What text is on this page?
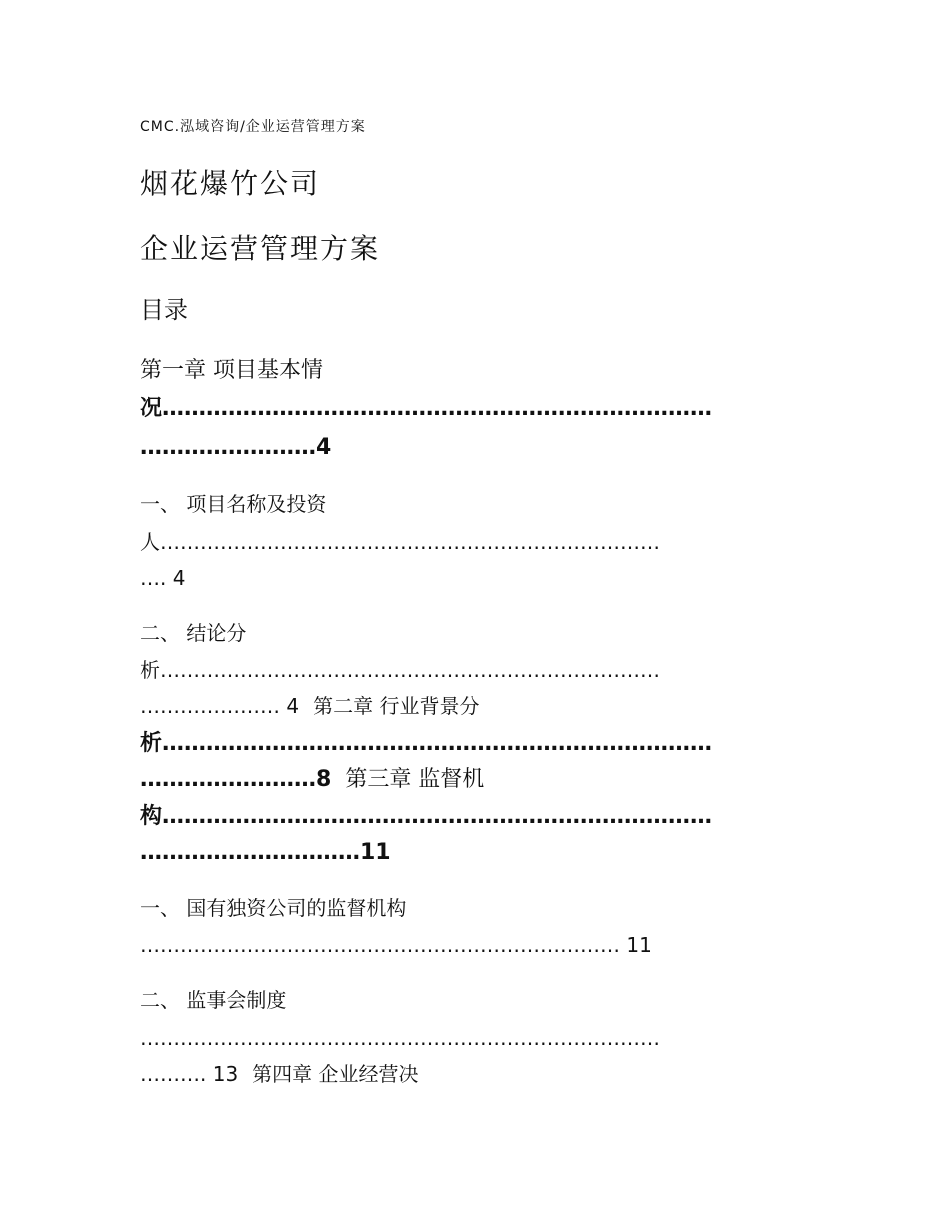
CMC.泓域咨询/企业运营管理方案
烟花爆竹公司
企业运营管理方案
目录
第一章 项目基本情
况…………………………………………………………………
……………………4
一、 项目名称及投资
人…………………………………………………………………
…. 4
二、 结论分
析…………………………………………………………………
………………… 4 第二章 行业背景分
析…………………………………………………………………
……………………8 第三章 监督机
构…………………………………………………………………
…………………………11
一、 国有独资公司的监督机构
……………………………………………………………… 11
二、 监事会制度
……………………………………………………………………
………. 13 第四章 企业经营决
